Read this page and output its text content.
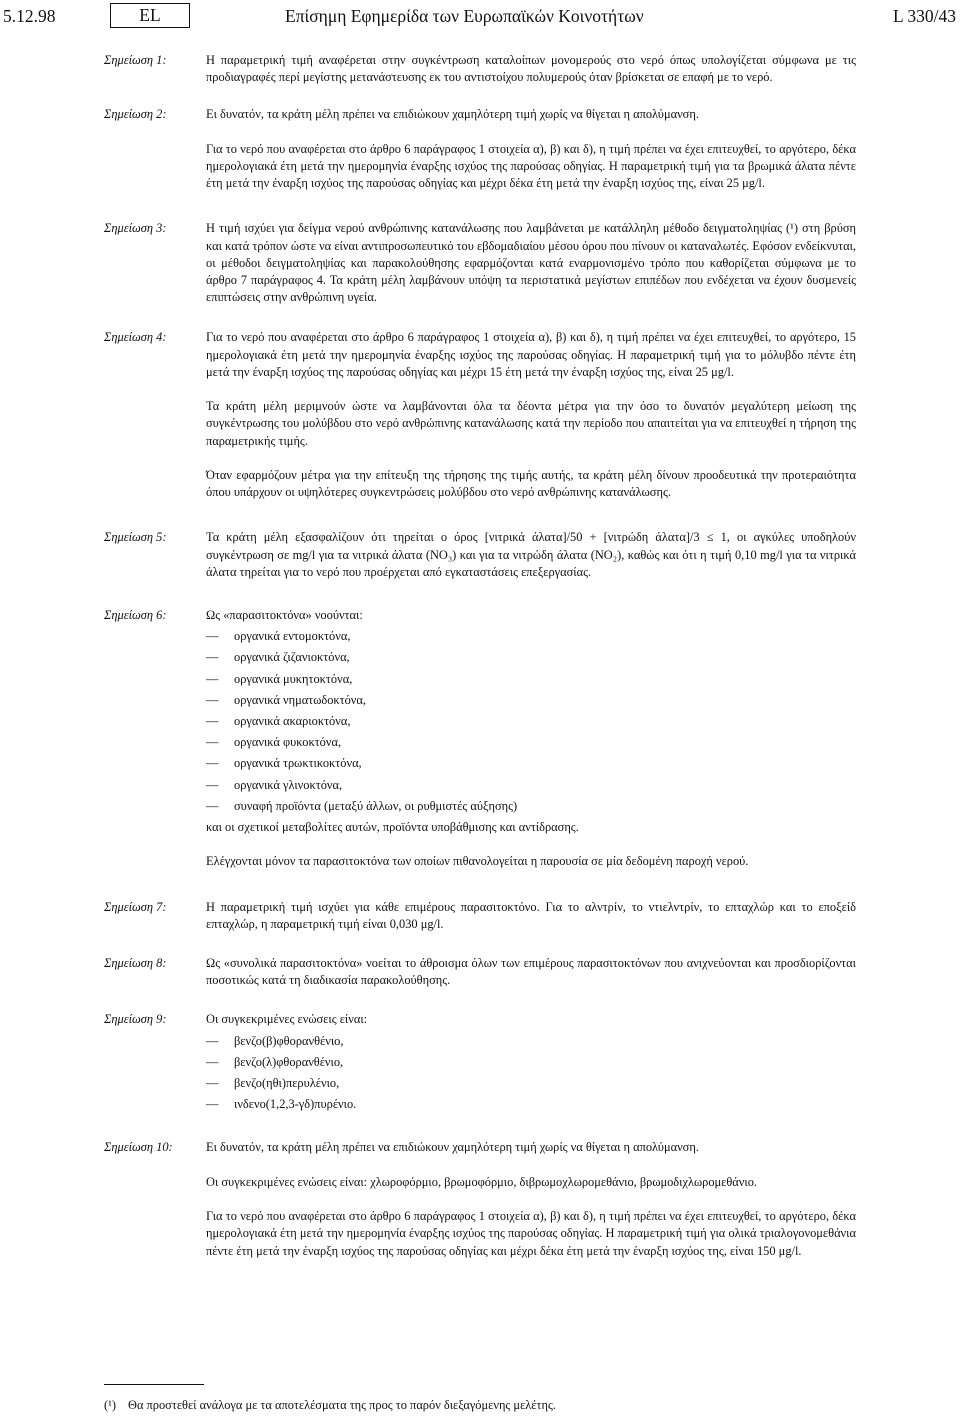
5.12.98	EL	Επίσημη Εφημερίδα των Ευρωπαϊκών Κοινοτήτων	L 330/43
Σημείωση 1:	Η παραμετρική τιμή αναφέρεται στην συγκέντρωση καταλοίπων μονομερούς στο νερό όπως υπολογίζεται σύμφωνα με τις προδιαγραφές περί μεγίστης μετανάστευσης εκ του αντιστοίχου πολυμερούς όταν βρίσκεται σε επαφή με το νερό.

Σημείωση 2:	Ει δυνατόν, τα κράτη μέλη πρέπει να επιδιώκουν χαμηλότερη τιμή χωρίς να θίγεται η απολύμανση.

Για το νερό που αναφέρεται στο άρθρο 6 παράγραφος 1 στοιχεία α), β) και δ), η τιμή πρέπει να έχει επιτευχθεί, το αργότερο, δέκα ημερολογιακά έτη μετά την ημερομηνία έναρξης ισχύος της παρούσας οδηγίας. Η παραμετρική τιμή για τα βρωμικά άλατα πέντε έτη μετά την έναρξη ισχύος της παρούσας οδηγίας και μέχρι δέκα έτη μετά την έναρξη ισχύος της, είναι 25 μg/l.

Σημείωση 3:	Η τιμή ισχύει για δείγμα νερού ανθρώπινης κατανάλωσης που λαμβάνεται με κατάλληλη μέθοδο δειγματοληψίας (¹) στη βρύση και κατά τρόπον ώστε να είναι αντιπροσωπευτικό του εβδομαδιαίου μέσου όρου που πίνουν οι καταναλωτές. Εφόσον ενδείκνυται, οι μέθοδοι δειγματοληψίας και παρακολούθησης εφαρμόζονται κατά εναρμονισμένο τρόπο που καθορίζεται σύμφωνα με το άρθρο 7 παράγραφος 4. Τα κράτη μέλη λαμβάνουν υπόψη τα περιστατικά μεγίστων επιπέδων που ενδέχεται να έχουν δυσμενείς επιπτώσεις στην ανθρώπινη υγεία.

Σημείωση 4:	Για το νερό που αναφέρεται στο άρθρο 6 παράγραφος 1 στοιχεία α), β) και δ), η τιμή πρέπει να έχει επιτευχθεί, το αργότερο, 15 ημερολογιακά έτη μετά την ημερομηνία έναρξης ισχύος της παρούσας οδηγίας. Η παραμετρική τιμή για το μόλυβδο πέντε έτη μετά την έναρξη ισχύος της παρούσας οδηγίας και μέχρι 15 έτη μετά την έναρξη ισχύος της, είναι 25 μg/l.

Τα κράτη μέλη μεριμνούν ώστε να λαμβάνονται όλα τα δέοντα μέτρα για την όσο το δυνατόν μεγαλύτερη μείωση της συγκέντρωσης του μολύβδου στο νερό ανθρώπινης κατανάλωσης κατά την περίοδο που απαιτείται για να επιτευχθεί η τήρηση της παραμετρικής τιμής.

Όταν εφαρμόζουν μέτρα για την επίτευξη της τήρησης της τιμής αυτής, τα κράτη μέλη δίνουν προοδευτικά την προτεραιότητα όπου υπάρχουν οι υψηλότερες συγκεντρώσεις μολύβδου στο νερό ανθρώπινης κατανάλωσης.

Σημείωση 5:	Τα κράτη μέλη εξασφαλίζουν ότι τηρείται ο όρος [νιτρικά άλατα]/50 + [νιτρώδη άλατα]/3 ≤ 1, οι αγκύλες υποδηλούν συγκέντρωση σε mg/l για τα νιτρικά άλατα (NO₃) και για τα νιτρώδη άλατα (NO₂), καθώς και ότι η τιμή 0,10 mg/l για τα νιτρικά άλατα τηρείται για το νερό που προέρχεται από εγκαταστάσεις επεξεργασίας.

Σημείωση 6:	Ως «παρασιτοκτόνα» νοούνται:

— οργανικά εντομοκτόνα,

— οργανικά ζιζανιοκτόνα,

— οργανικά μυκητοκτόνα,

— οργανικά νηματωδοκτόνα,

— οργανικά ακαριοκτόνα,

— οργανικά φυκοκτόνα,

— οργανικά τρωκτικοκτόνα,

— οργανικά γλινοκτόνα,

— συναφή προϊόντα (μεταξύ άλλων, οι ρυθμιστές αύξησης)

και οι σχετικοί μεταβολίτες αυτών, προϊόντα υποβάθμισης και αντίδρασης.

Ελέγχονται μόνον τα παρασιτοκτόνα των οποίων πιθανολογείται η παρουσία σε μία δεδομένη παροχή νερού.

Σημείωση 7:	Η παραμετρική τιμή ισχύει για κάθε επιμέρους παρασιτοκτόνο. Για το αλντρίν, το ντιελντρίν, το επταχλώρ και το εποξείδ επταχλώρ, η παραμετρική τιμή είναι 0,030 μg/l.

Σημείωση 8:	Ως «συνολικά παρασιτοκτόνα» νοείται το άθροισμα όλων των επιμέρους παρασιτοκτόνων που ανιχνεύονται και προσδιορίζονται ποσοτικώς κατά τη διαδικασία παρακολούθησης.

Σημείωση 9:	Οι συγκεκριμένες ενώσεις είναι:

— βενζο(β)φθορανθένιο,

— βενζο(λ)φθορανθένιο,

— βενζο(ηθι)περυλένιο,

— ινδενο(1,2,3-γδ)πυρένιο.

Σημείωση 10:	Ει δυνατόν, τα κράτη μέλη πρέπει να επιδιώκουν χαμηλότερη τιμή χωρίς να θίγεται η απολύμανση.

Οι συγκεκριμένες ενώσεις είναι: χλωροφόρμιο, βρωμοφόρμιο, διβρωμοχλωρομεθάνιο, βρωμοδιχλωρομεθάνιο.

Για το νερό που αναφέρεται στο άρθρο 6 παράγραφος 1 στοιχεία α), β) και δ), η τιμή πρέπει να έχει επιτευχθεί, το αργότερο, δέκα ημερολογιακά έτη μετά την ημερομηνία έναρξης ισχύος της παρούσας οδηγίας. Η παραμετρική τιμή για ολικά τριαλογονομεθάνια πέντε έτη μετά την έναρξη ισχύος της παρούσας οδηγίας και μέχρι δέκα έτη μετά την έναρξη ισχύος της, είναι 150 μg/l.

(¹) Θα προστεθεί ανάλογα με τα αποτελέσματα της προς το παρόν διεξαγόμενης μελέτης.
